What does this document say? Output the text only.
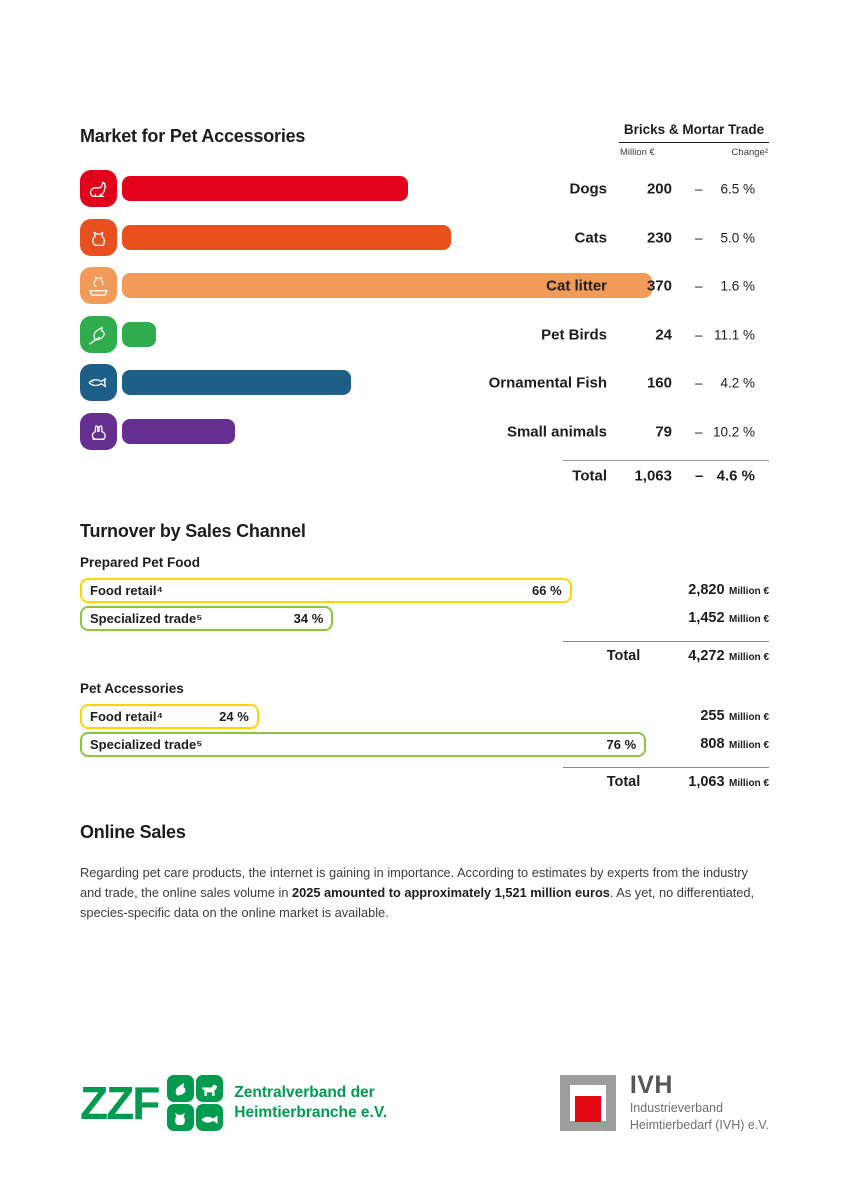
Market for Pet Accessories	Bricks & Mortar Trade
Million €	Change²
Dogs	200 – 6.5 %
Cats	230 – 5.0 %
Cat litter	370 – 1.6 %
Pet Birds	24 – 11.1 %
Ornamental Fish	160 – 4.2 %
Small animals	79 – 10.2 %
Total 1,063 – 4.6 %
Turnover by Sales Channel
Prepared Pet Food
Food retail⁴	66 %	2,820 Million €
Specialized trade⁵	34 %	1,452 Million €
Total	4,272 Million €
Pet Accessories
Food retail⁴	24 %	255 Million €
Specialized trade⁵	76 %	808 Million €
Total	1,063 Million €
Online Sales

Regarding pet care products, the internet is gaining in importance. According to estimates by experts from the industry and trade, the online sales volume in 2025 amounted to approximately 1,521 million euros. As yet, no differentiated, species-specific data on the online market is available.

ZZF	Zentralverband der
Heimtierbranche e.V.
IVH
Industrieverband
Heimtierbedarf (IVH) e.V.
